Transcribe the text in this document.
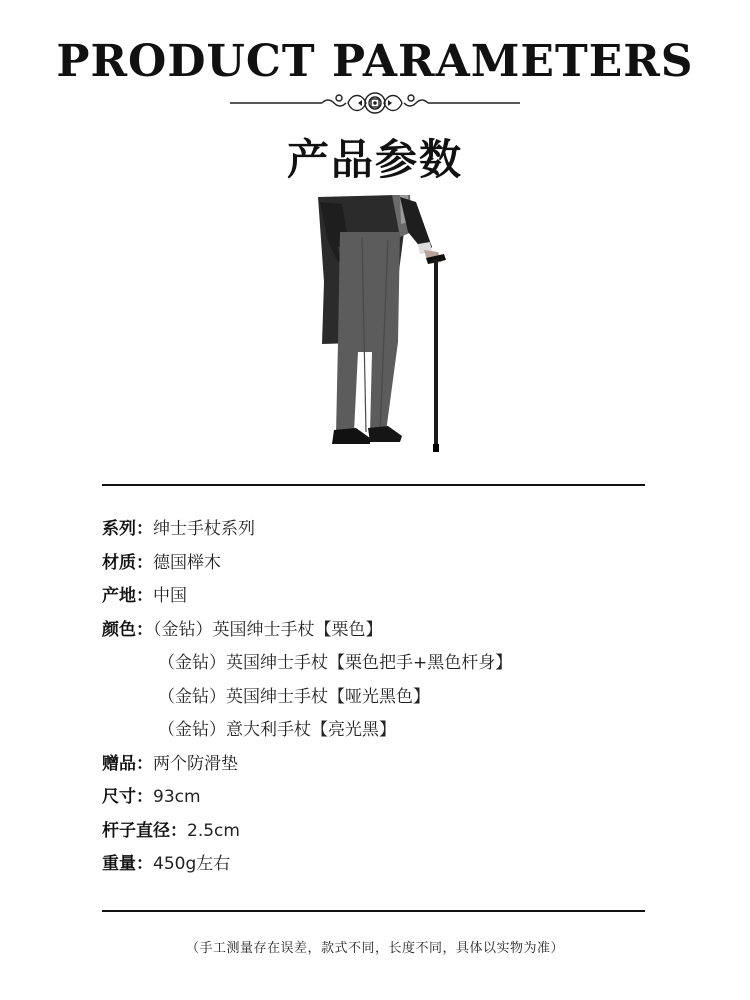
PRODUCT PARAMETERS
产品参数
系列：绅士手杖系列
材质：德国榉木
产地：中国
颜色：（金钻）英国绅士手杖【栗色】
（金钻）英国绅士手杖【栗色把手+黑色杆身】
（金钻）英国绅士手杖【哑光黑色】
（金钻）意大利手杖【亮光黑】
赠品：两个防滑垫
尺寸：93cm
杆子直径：2.5cm
重量：450g左右
（手工测量存在误差，款式不同，长度不同，具体以实物为准）
